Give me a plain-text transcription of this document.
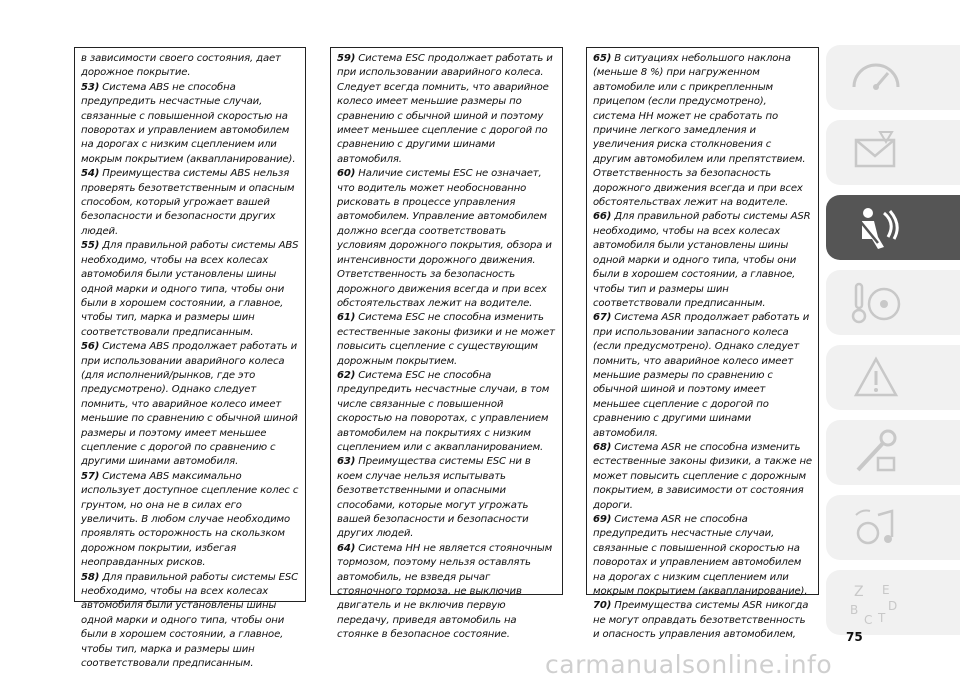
в зависимости своего состояния, дает дорожное покрытие.

53) Система ABS не способна предупредить несчастные случаи, связанные с повышенной скоростью на поворотах и управлением автомобилем на дорогах с низким сцеплением или мокрым покрытием (аквапланирование).

54) Преимущества системы ABS нельзя проверять безответственным и опасным способом, который угрожает вашей безопасности и безопасности других людей.

55) Для правильной работы системы ABS необходимо, чтобы на всех колесах автомобиля были установлены шины одной марки и одного типа, чтобы они были в хорошем состоянии, а главное, чтобы тип, марка и размеры шин соответствовали предписанным.

56) Система ABS продолжает работать и при использовании аварийного колеса (для исполнений/рынков, где это предусмотрено). Однако следует помнить, что аварийное колесо имеет меньшие по сравнению с обычной шиной размеры и поэтому имеет меньшее сцепление с дорогой по сравнению с другими шинами автомобиля.

57) Система ABS максимально использует доступное сцепление колес с грунтом, но она не в силах его увеличить. В любом случае необходимо проявлять осторожность на скользком дорожном покрытии, избегая неоправданных рисков.

58) Для правильной работы системы ESC необходимо, чтобы на всех колесах автомобиля были установлены шины одной марки и одного типа, чтобы они были в хорошем состоянии, а главное, чтобы тип, марка и размеры шин соответствовали предписанным.

59) Система ESC продолжает работать и при использовании аварийного колеса. Следует всегда помнить, что аварийное колесо имеет меньшие размеры по сравнению с обычной шиной и поэтому имеет меньшее сцепление с дорогой по сравнению с другими шинами автомобиля.

60) Наличие системы ESC не означает, что водитель может необоснованно рисковать в процессе управления автомобилем. Управление автомобилем должно всегда соответствовать условиям дорожного покрытия, обзора и интенсивности дорожного движения. Ответственность за безопасность дорожного движения всегда и при всех обстоятельствах лежит на водителе.

61) Система ESC не способна изменить естественные законы физики и не может повысить сцепление с существующим дорожным покрытием.

62) Система ESC не способна предупредить несчастные случаи, в том числе связанные с повышенной скоростью на поворотах, с управлением автомобилем на покрытиях с низким сцеплением или с аквапланированием.

63) Преимущества системы ESC ни в коем случае нельзя испытывать безответственными и опасными способами, которые могут угрожать вашей безопасности и безопасности других людей.

64) Система HH не является стояночным тормозом, поэтому нельзя оставлять автомобиль, не взведя рычаг стояночного тормоза, не выключив двигатель и не включив первую передачу, приведя автомобиль на стоянке в безопасное состояние.

65) В ситуациях небольшого наклона (меньше 8 %) при нагруженном автомобиле или с прикрепленным прицепом (если предусмотрено), система HH может не сработать по причине легкого замедления и увеличения риска столкновения с другим автомобилем или препятствием. Ответственность за безопасность дорожного движения всегда и при всех обстоятельствах лежит на водителе.

66) Для правильной работы системы ASR необходимо, чтобы на всех колесах автомобиля были установлены шины одной марки и одного типа, чтобы они были в хорошем состоянии, а главное, чтобы тип и размеры шин соответствовали предписанным.

67) Система ASR продолжает работать и при использовании запасного колеса (если предусмотрено). Однако следует помнить, что аварийное колесо имеет меньшие размеры по сравнению с обычной шиной и поэтому имеет меньшее сцепление с дорогой по сравнению с другими шинами автомобиля.

68) Система ASR не способна изменить естественные законы физики, а также не может повысить сцепление с дорожным покрытием, в зависимости от состояния дороги.

69) Система ASR не способна предупредить несчастные случаи, связанные с повышенной скоростью на поворотах и управлением автомобилем на дорогах с низким сцеплением или мокрым покрытием (аквапланирование).

70) Преимущества системы ASR никогда не могут оправдать безответственность и опасность управления автомобилем,

Z E
B
C T
D
75
carmanualsonline.info
